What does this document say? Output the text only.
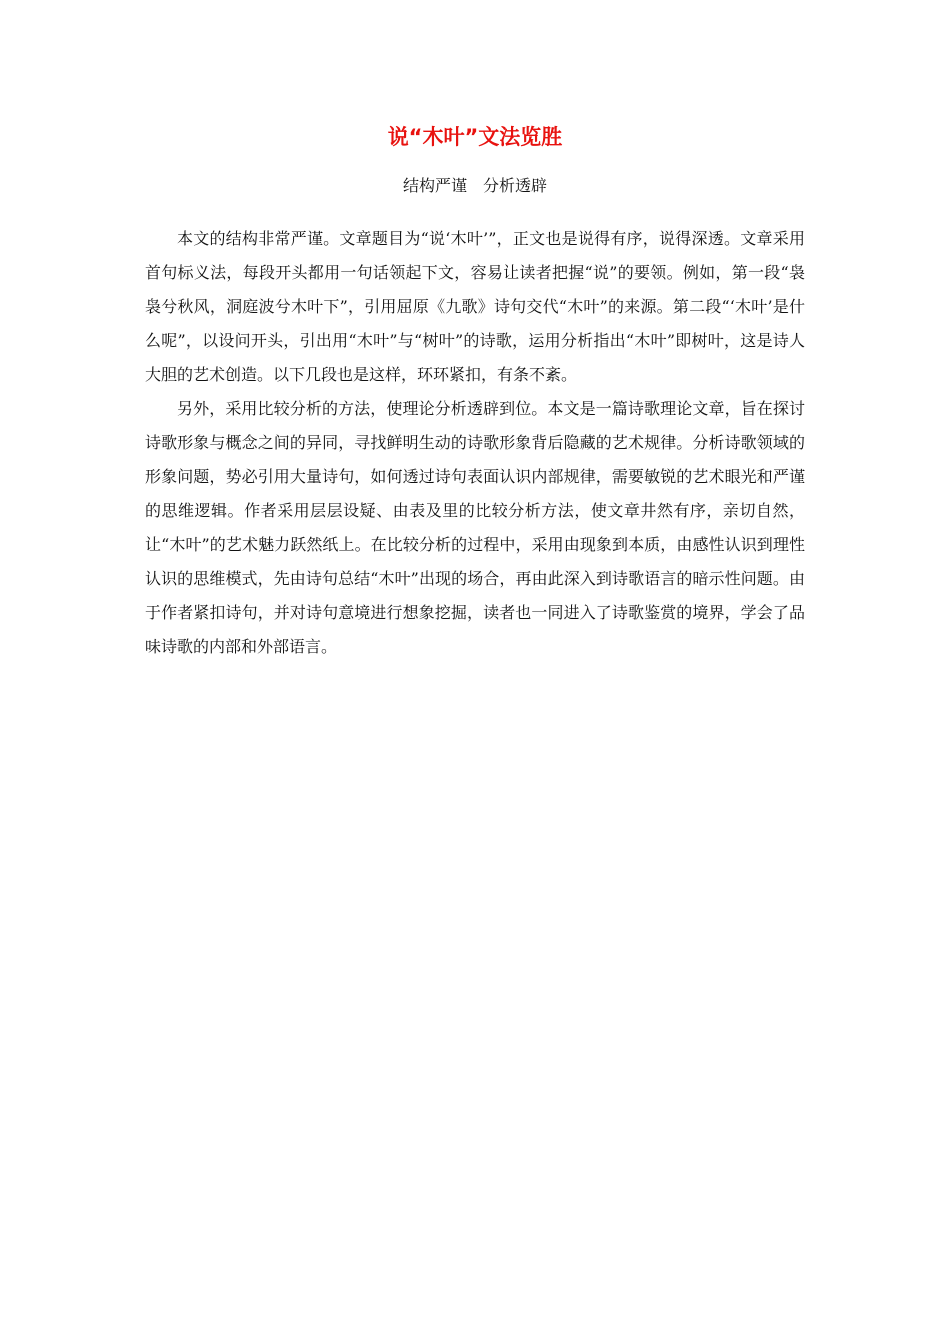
说“木叶”文法览胜
结构严谨　分析透辟

本文的结构非常严谨。文章题目为“说‘木叶’”，正文也是说得有序，说得深透。文章采用首句标义法，每段开头都用一句话领起下文，容易让读者把握“说”的要领。例如，第一段“袅袅兮秋风，洞庭波兮木叶下”，引用屈原《九歌》诗句交代“木叶”的来源。第二段“‘木叶’是什么呢”，以设问开头，引出用“木叶”与“树叶”的诗歌，运用分析指出“木叶”即树叶，这是诗人大胆的艺术创造。以下几段也是这样，环环紧扣，有条不紊。

另外，采用比较分析的方法，使理论分析透辟到位。本文是一篇诗歌理论文章，旨在探讨诗歌形象与概念之间的异同，寻找鲜明生动的诗歌形象背后隐藏的艺术规律。分析诗歌领域的形象问题，势必引用大量诗句，如何透过诗句表面认识内部规律，需要敏锐的艺术眼光和严谨的思维逻辑。作者采用层层设疑、由表及里的比较分析方法，使文章井然有序，亲切自然，让“木叶”的艺术魅力跃然纸上。在比较分析的过程中，采用由现象到本质，由感性认识到理性认识的思维模式，先由诗句总结“木叶”出现的场合，再由此深入到诗歌语言的暗示性问题。由于作者紧扣诗句，并对诗句意境进行想象挖掘，读者也一同进入了诗歌鉴赏的境界，学会了品味诗歌的内部和外部语言。
